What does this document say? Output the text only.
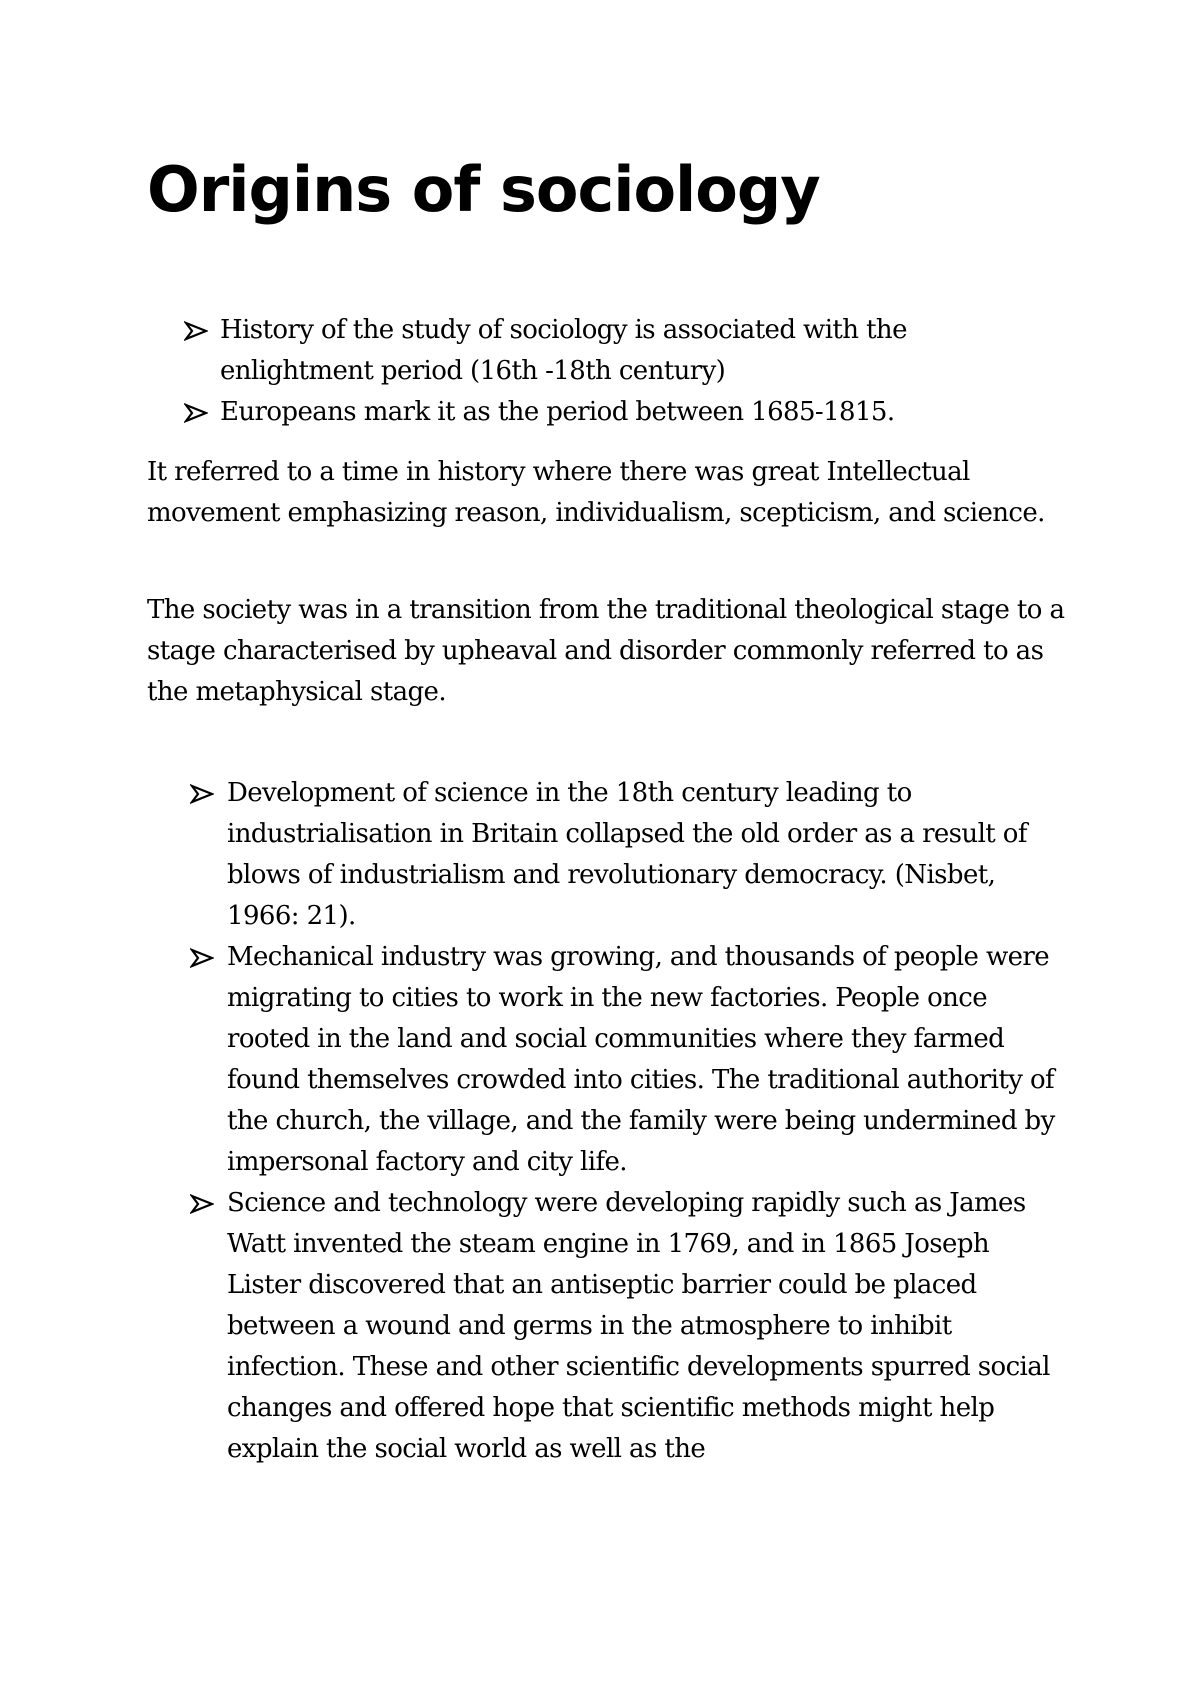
Origins of sociology
History of the study of sociology is associated with the enlightment period (16th -18th century)
Europeans mark it as the period between 1685-1815.

It referred to a time in history where there was great Intellectual movement emphasizing reason, individualism, scepticism, and science.

The society was in a transition from the traditional theological stage to a stage characterised by upheaval and disorder commonly referred to as the metaphysical stage.

Development of science in the 18th century leading to industrialisation in Britain collapsed the old order as a result of blows of industrialism and revolutionary democracy. (Nisbet, 1966: 21).
Mechanical industry was growing, and thousands of people were migrating to cities to work in the new factories. People once rooted in the land and social communities where they farmed found themselves crowded into cities. The traditional authority of the church, the village, and the family were being undermined by impersonal factory and city life.
Science and technology were developing rapidly such as James Watt invented the steam engine in 1769, and in 1865 Joseph Lister discovered that an antiseptic barrier could be placed between a wound and germs in the atmosphere to inhibit infection. These and other scientific developments spurred social changes and offered hope that scientific methods might help explain the social world as well as the
